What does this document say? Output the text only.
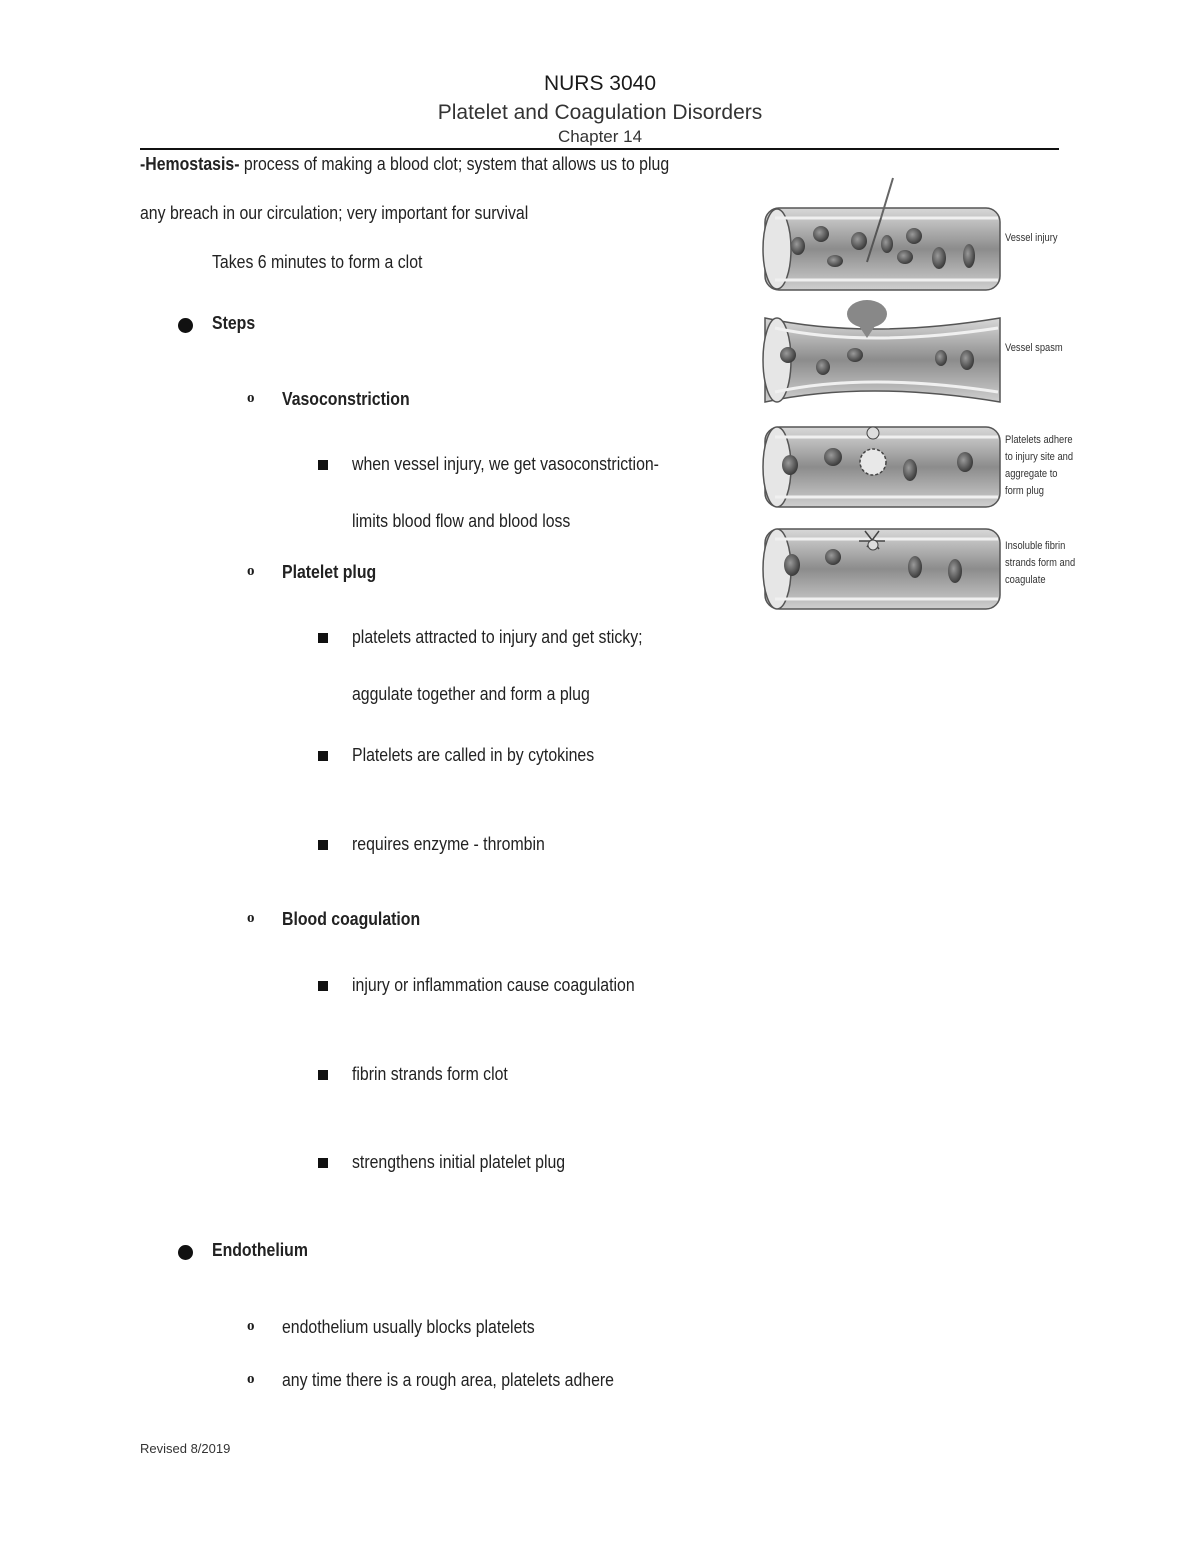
NURS 3040
Platelet and Coagulation Disorders
Chapter 14
-Hemostasis- process of making a blood clot; system that allows us to plug
any breach in our circulation; very important for survival
Takes 6 minutes to form a clot
Steps
o Vasoconstriction
when vessel injury, we get vasoconstriction-
limits blood flow and blood loss
o Platelet plug
platelets attracted to injury and get sticky;
aggulate together and form a plug
Platelets are called in by cytokines
requires enzyme - thrombin
o Blood coagulation
injury or inflammation cause coagulation
fibrin strands form clot
strengthens initial platelet plug
Endothelium
o endothelium usually blocks platelets
o any time there is a rough area, platelets adhere
Revised 8/2019
Vessel injury
Vessel spasm
Platelets adhere
to injury site and
aggregate to
form plug
Insoluble fibrin
strands form and
coagulate
